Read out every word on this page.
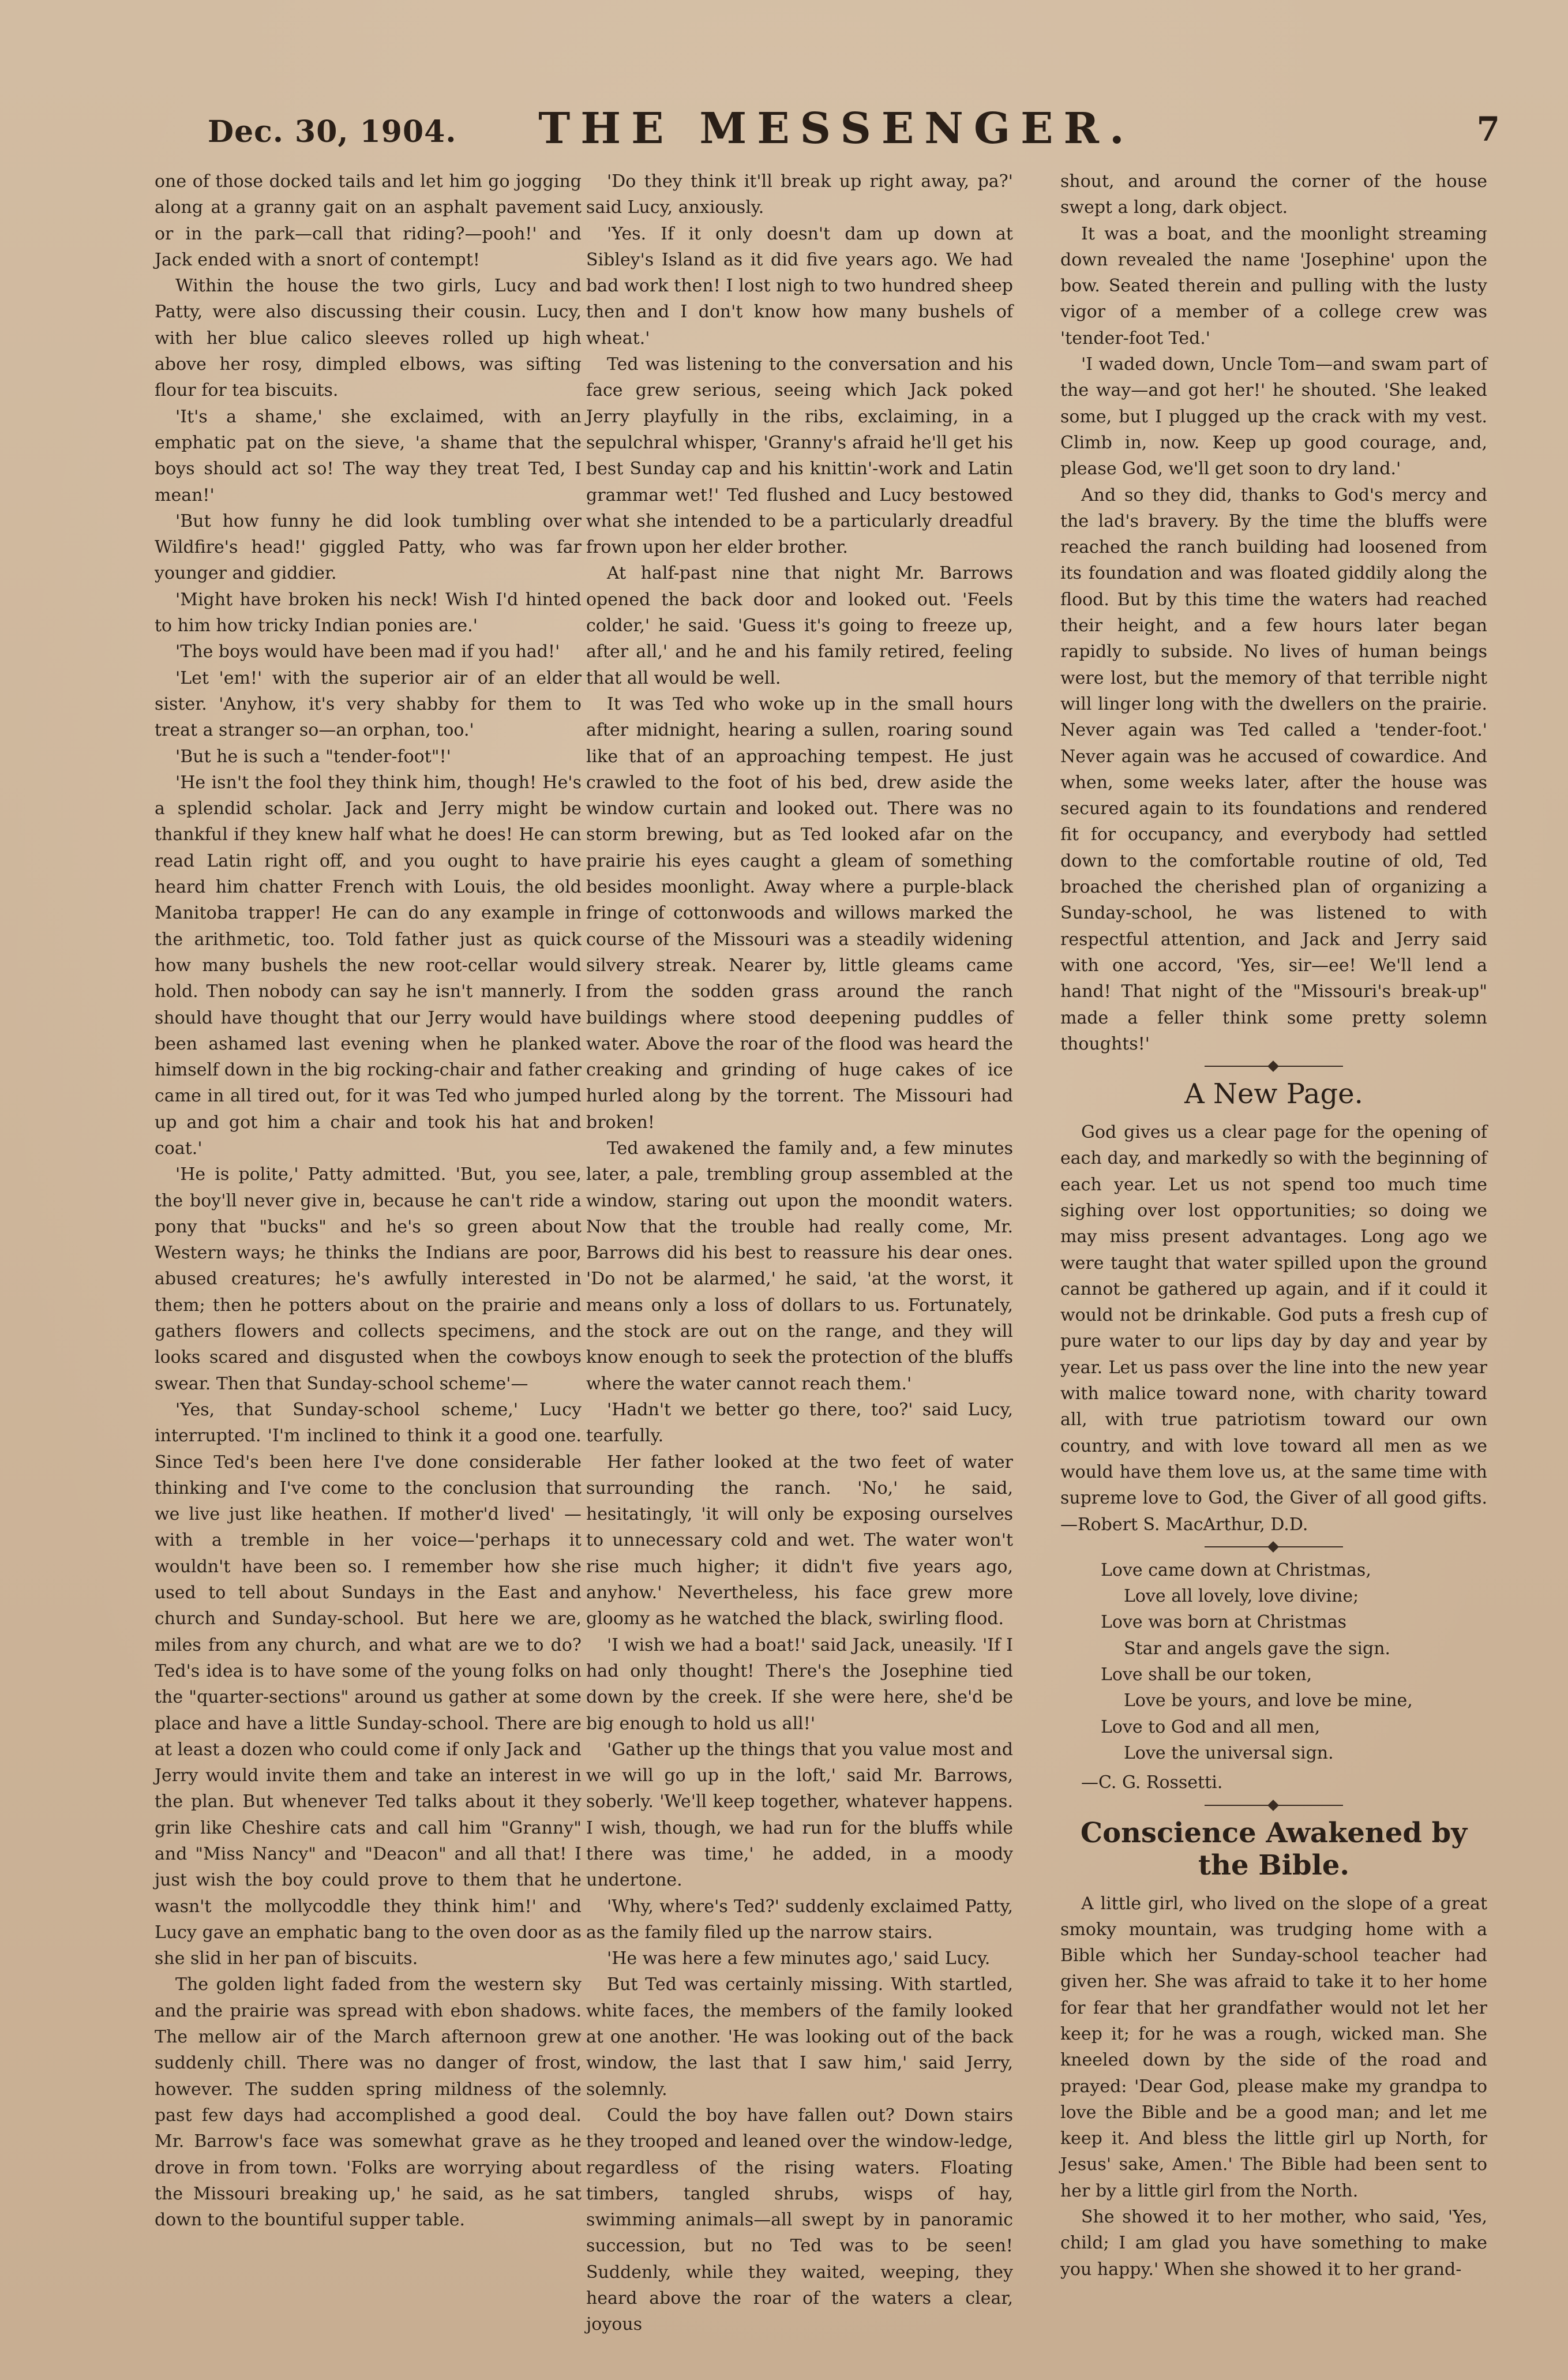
Dec. 30, 1904.	THE MESSENGER.	7

one of those docked tails and let him go jogging along at a granny gait on an asphalt pavement or in the park—call that riding?—pooh!' and Jack ended with a snort of contempt!

Within the house the two girls, Lucy and Patty, were also discussing their cousin. Lucy, with her blue calico sleeves rolled up high above her rosy, dimpled elbows, was sifting flour for tea biscuits.

'It's a shame,' she exclaimed, with an emphatic pat on the sieve, 'a shame that the boys should act so! The way they treat Ted, I mean!'

'But how funny he did look tumbling over Wildfire's head!' giggled Patty, who was far younger and giddier.

'Might have broken his neck! Wish I'd hinted to him how tricky Indian ponies are.'

'The boys would have been mad if you had!'

'Let 'em!' with the superior air of an elder sister. 'Anyhow, it's very shabby for them to treat a stranger so—an orphan, too.'

'But he is such a "tender-foot"!'

'He isn't the fool they think him, though! He's a splendid scholar. Jack and Jerry might be thankful if they knew half what he does! He can read Latin right off, and you ought to have heard him chatter French with Louis, the old Manitoba trapper! He can do any example in the arithmetic, too. Told father just as quick how many bushels the new root-cellar would hold. Then nobody can say he isn't mannerly. I should have thought that our Jerry would have been ashamed last evening when he planked himself down in the big rocking-chair and father came in all tired out, for it was Ted who jumped up and got him a chair and took his hat and coat.'

'He is polite,' Patty admitted. 'But, you see, the boy'll never give in, because he can't ride a pony that "bucks" and he's so green about Western ways; he thinks the Indians are poor, abused creatures; he's awfully interested in them; then he potters about on the prairie and gathers flowers and collects specimens, and looks scared and disgusted when the cowboys swear. Then that Sunday-school scheme'—

'Yes, that Sunday-school scheme,' Lucy interrupted. 'I'm inclined to think it a good one. Since Ted's been here I've done considerable thinking and I've come to the conclusion that we live just like heathen. If mother'd lived' —with a tremble in her voice—'perhaps it wouldn't have been so. I remember how she used to tell about Sundays in the East and church and Sunday-school. But here we are, miles from any church, and what are we to do? Ted's idea is to have some of the young folks on the "quarter-sections" around us gather at some place and have a little Sunday-school. There are at least a dozen who could come if only Jack and Jerry would invite them and take an interest in the plan. But whenever Ted talks about it they grin like Cheshire cats and call him "Granny" and "Miss Nancy" and "Deacon" and all that! I just wish the boy could prove to them that he wasn't the mollycoddle they think him!' and Lucy gave an emphatic bang to the oven door as she slid in her pan of biscuits.

The golden light faded from the western sky and the prairie was spread with ebon shadows. The mellow air of the March afternoon grew suddenly chill. There was no danger of frost, however. The sudden spring mildness of the past few days had accomplished a good deal. Mr. Barrow's face was somewhat grave as he drove in from town. 'Folks are worrying about the Missouri breaking up,' he said, as he sat down to the bountiful supper table.

'Do they think it'll break up right away, pa?' said Lucy, anxiously.

'Yes. If it only doesn't dam up down at Sibley's Island as it did five years ago. We had bad work then! I lost nigh to two hundred sheep then and I don't know how many bushels of wheat.'

Ted was listening to the conversation and his face grew serious, seeing which Jack poked Jerry playfully in the ribs, exclaiming, in a sepulchral whisper, 'Granny's afraid he'll get his best Sunday cap and his knittin'-work and Latin grammar wet!' Ted flushed and Lucy bestowed what she intended to be a particularly dreadful frown upon her elder brother.

At half-past nine that night Mr. Barrows opened the back door and looked out. 'Feels colder,' he said. 'Guess it's going to freeze up, after all,' and he and his family retired, feeling that all would be well.

It was Ted who woke up in the small hours after midnight, hearing a sullen, roaring sound like that of an approaching tempest. He just crawled to the foot of his bed, drew aside the window curtain and looked out. There was no storm brewing, but as Ted looked afar on the prairie his eyes caught a gleam of something besides moonlight. Away where a purple-black fringe of cottonwoods and willows marked the course of the Missouri was a steadily widening silvery streak. Nearer by, little gleams came from the sodden grass around the ranch buildings where stood deepening puddles of water. Above the roar of the flood was heard the creaking and grinding of huge cakes of ice hurled along by the torrent. The Missouri had broken!

Ted awakened the family and, a few minutes later, a pale, trembling group assembled at the window, staring out upon the moondit waters. Now that the trouble had really come, Mr. Barrows did his best to reassure his dear ones. 'Do not be alarmed,' he said, 'at the worst, it means only a loss of dollars to us. Fortunately, the stock are out on the range, and they will know enough to seek the protection of the bluffs where the water cannot reach them.'

'Hadn't we better go there, too?' said Lucy, tearfully.

Her father looked at the two feet of water surrounding the ranch. 'No,' he said, hesitatingly, 'it will only be exposing ourselves to unnecessary cold and wet. The water won't rise much higher; it didn't five years ago, anyhow.' Nevertheless, his face grew more gloomy as he watched the black, swirling flood.

'I wish we had a boat!' said Jack, uneasily. 'If I had only thought! There's the Josephine tied down by the creek. If she were here, she'd be big enough to hold us all!'

'Gather up the things that you value most and we will go up in the loft,' said Mr. Barrows, soberly. 'We'll keep together, whatever happens. I wish, though, we had run for the bluffs while there was time,' he added, in a moody undertone.

'Why, where's Ted?' suddenly exclaimed Patty, as the family filed up the narrow stairs.

'He was here a few minutes ago,' said Lucy.

But Ted was certainly missing. With startled, white faces, the members of the family looked at one another. 'He was looking out of the back window, the last that I saw him,' said Jerry, solemnly.

Could the boy have fallen out? Down stairs they trooped and leaned over the window-ledge, regardless of the rising waters. Floating timbers, tangled shrubs, wisps of hay, swimming animals—all swept by in panoramic succession, but no Ted was to be seen! Suddenly, while they waited, weeping, they heard above the roar of the waters a clear, joyous

shout, and around the corner of the house swept a long, dark object.

It was a boat, and the moonlight streaming down revealed the name 'Josephine' upon the bow. Seated therein and pulling with the lusty vigor of a member of a college crew was 'tender-foot Ted.'

'I waded down, Uncle Tom—and swam part of the way—and got her!' he shouted. 'She leaked some, but I plugged up the crack with my vest. Climb in, now. Keep up good courage, and, please God, we'll get soon to dry land.'

And so they did, thanks to God's mercy and the lad's bravery. By the time the bluffs were reached the ranch building had loosened from its foundation and was floated giddily along the flood. But by this time the waters had reached their height, and a few hours later began rapidly to subside. No lives of human beings were lost, but the memory of that terrible night will linger long with the dwellers on the prairie. Never again was Ted called a 'tender-foot.' Never again was he accused of cowardice. And when, some weeks later, after the house was secured again to its foundations and rendered fit for occupancy, and everybody had settled down to the comfortable routine of old, Ted broached the cherished plan of organizing a Sunday-school, he was listened to with respectful attention, and Jack and Jerry said with one accord, 'Yes, sir—ee! We'll lend a hand! That night of the "Missouri's break-up" made a feller think some pretty solemn thoughts!'

A New Page.

God gives us a clear page for the opening of each day, and markedly so with the beginning of each year. Let us not spend too much time sighing over lost opportunities; so doing we may miss present advantages. Long ago we were taught that water spilled upon the ground cannot be gathered up again, and if it could it would not be drinkable. God puts a fresh cup of pure water to our lips day by day and year by year. Let us pass over the line into the new year with malice toward none, with charity toward all, with true patriotism toward our own country, and with love toward all men as we would have them love us, at the same time with supreme love to God, the Giver of all good gifts.—Robert S. MacArthur, D.D.

Love came down at Christmas,
Love all lovely, love divine;
Love was born at Christmas
Star and angels gave the sign.
Love shall be our token,
Love be yours, and love be mine,
Love to God and all men,
Love the universal sign.

—C. G. Rossetti.

Conscience Awakened by the Bible.

A little girl, who lived on the slope of a great smoky mountain, was trudging home with a Bible which her Sunday-school teacher had given her. She was afraid to take it to her home for fear that her grandfather would not let her keep it; for he was a rough, wicked man. She kneeled down by the side of the road and prayed: 'Dear God, please make my grandpa to love the Bible and be a good man; and let me keep it. And bless the little girl up North, for Jesus' sake, Amen.' The Bible had been sent to her by a little girl from the North.

She showed it to her mother, who said, 'Yes, child; I am glad you have something to make you happy.' When she showed it to her grand-
